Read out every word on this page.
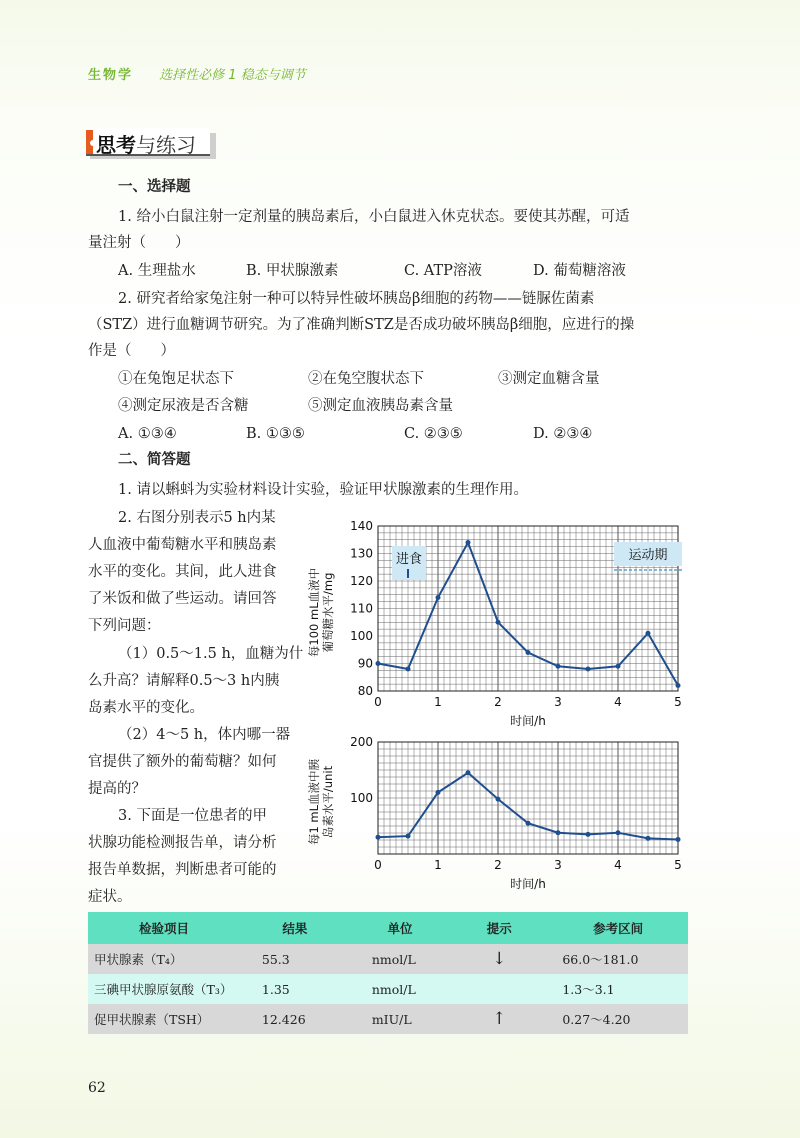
生物学 选择性必修 1 稳态与调节
思考与练习
一、选择题
1. 给小白鼠注射一定剂量的胰岛素后，小白鼠进入休克状态。要使其苏醒，可适
量注射（　　）
A. 生理盐水	B. 甲状腺激素	C. ATP溶液	D. 葡萄糖溶液
2. 研究者给家兔注射一种可以特异性破坏胰岛β细胞的药物——链脲佐菌素
（STZ）进行血糖调节研究。为了准确判断STZ是否成功破坏胰岛β细胞，应进行的操
作是（　　）
①在兔饱足状态下	②在兔空腹状态下	③测定血糖含量
④测定尿液是否含糖	⑤测定血液胰岛素含量
A. ①③④	B. ①③⑤	C. ②③⑤	D. ②③④
二、简答题
1. 请以蝌蚪为实验材料设计实验，验证甲状腺激素的生理作用。
2. 右图分别表示5 h内某
人血液中葡萄糖水平和胰岛素
水平的变化。其间，此人进食
了米饭和做了些运动。请回答
下列问题：
（1）0.5～1.5 h，血糖为什
么升高？请解释0.5～3 h内胰
岛素水平的变化。
（2）4～5 h，体内哪一器
官提供了额外的葡萄糖？如何
提高的？
3. 下面是一位患者的甲
状腺功能检测报告单，请分析
报告单数据，判断患者可能的
症状。
进食	运动期
80
90
100
110
120
130
140
0	1	2	3	4	5
时间/h
每100 mL血液中葡萄糖水平/mg
100
200
0	1	2	3	4	5
时间/h
每1 mL血液中胰岛素水平/unit
检验项目	结果	单位	提示	参考区间
甲状腺素（T₄）	55.3	nmol/L	↓	66.0～181.0
三碘甲状腺原氨酸（T₃）	1.35	nmol/L		1.3～3.1
促甲状腺素（TSH）	12.426	mIU/L	↑	0.27～4.20
62
